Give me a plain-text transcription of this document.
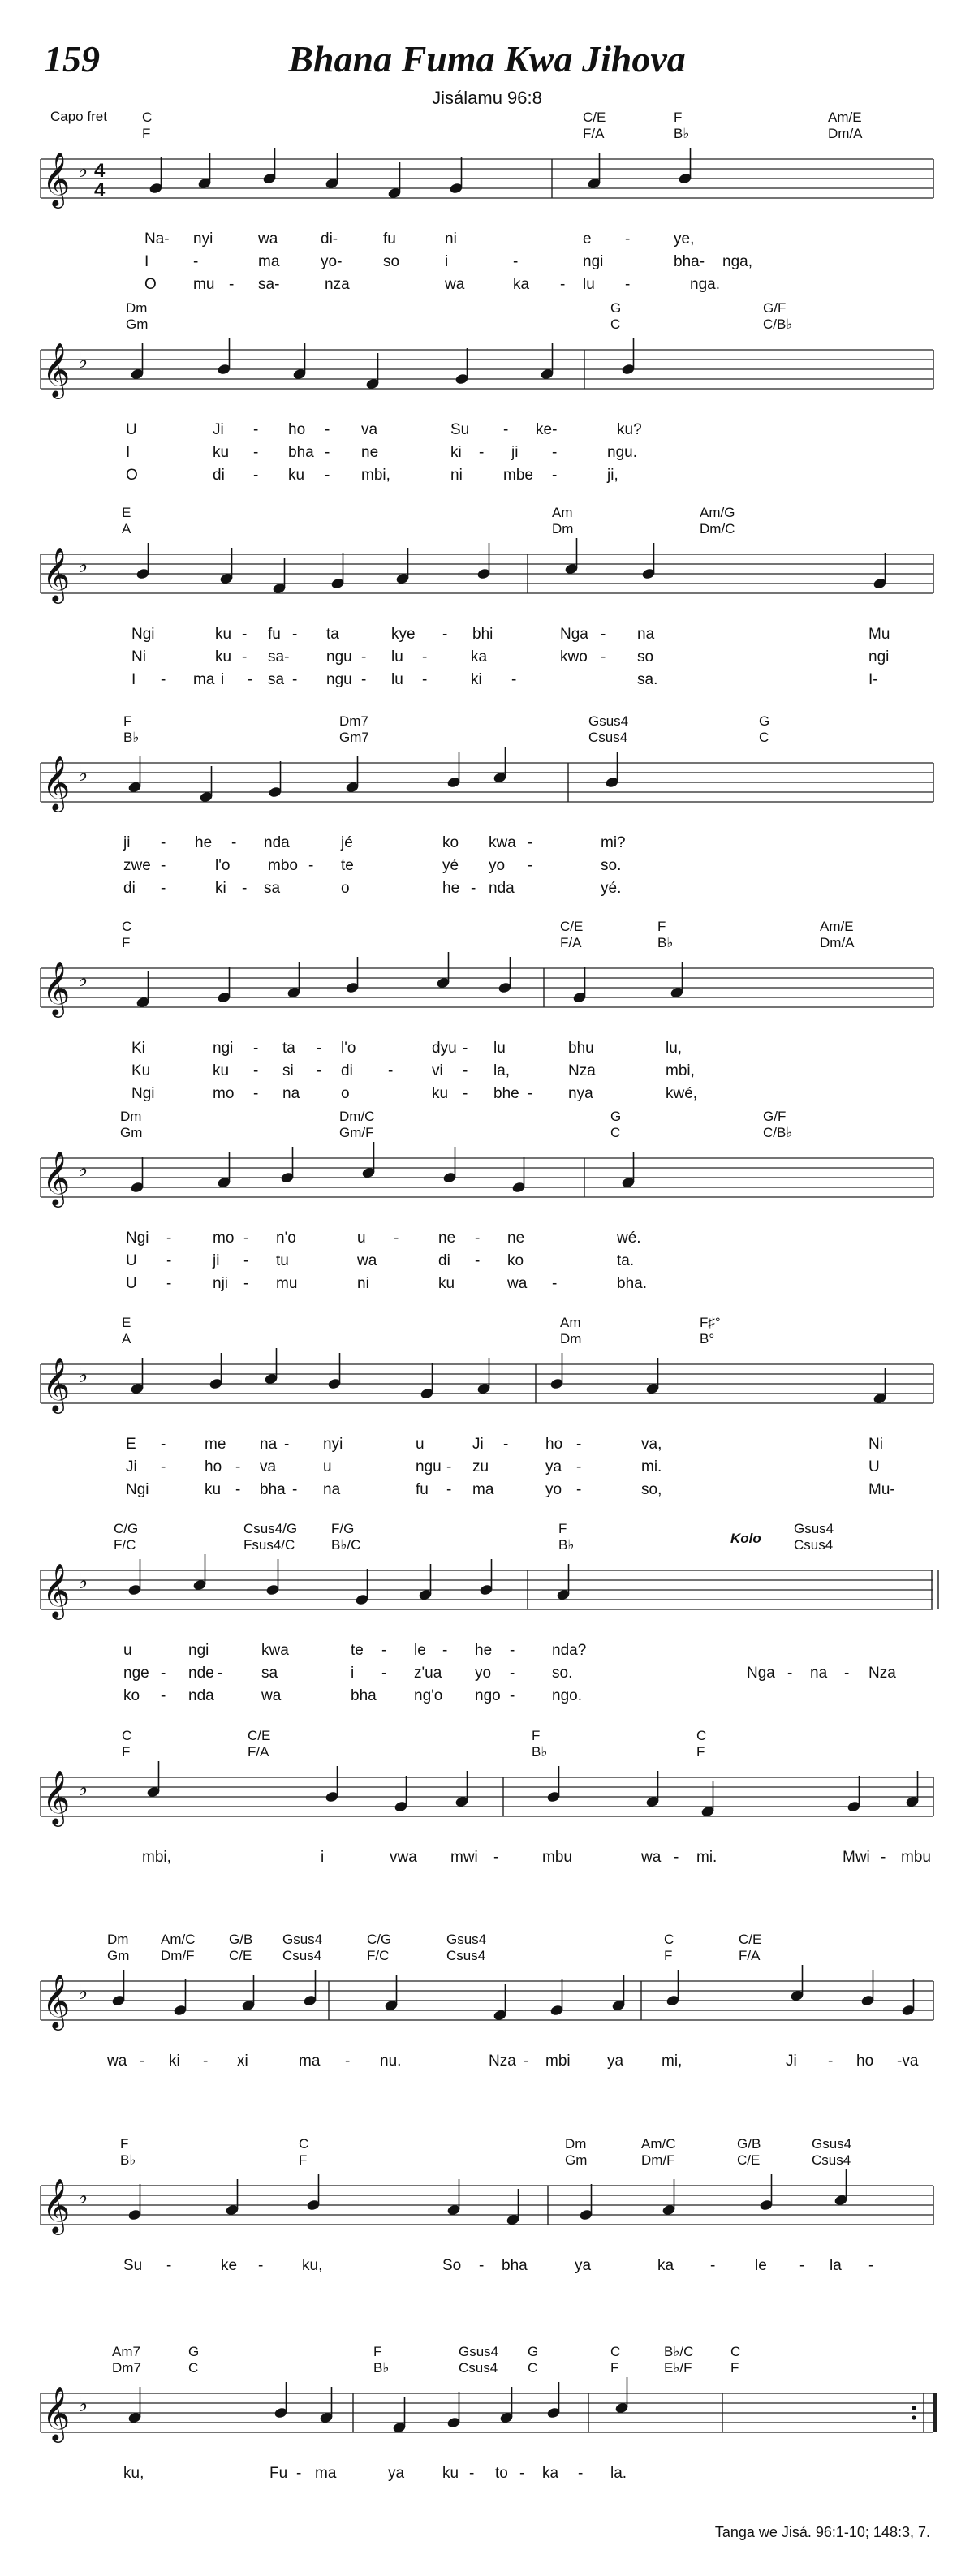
159	Bhana Fuma Kwa Jihova
Jisálamu 96:8
Capo fret	C	C/E	F	Am/E
F	F/A	B♭	Dm/A
𝄞 ♭ 4
4
Na- nyi	wa	di-	fu	ni	e -	ye,
I	-	ma	yo-	so	i	-	ngi	bha- nga,
O mu - sa-	nza	wa	ka - lu -	nga.
Dm	G	G/F
Gm	C	C/B♭
𝄞 ♭
U	Ji - ho - va	Su - ke-	ku?
I	ku - bha - ne	ki - ji -	ngu.
O	di - ku - mbi,	ni	mbe -	ji,
E	Am	Am/G
A	Dm	Dm/C
𝄞 ♭
Ngi	ku - fu - ta	kye - bhi	Nga - na	Mu
Ni	ku - sa- ngu - lu -	ka	kwo - so	ngi
I - ma i - sa - ngu - lu -	ki -	sa.	I-
F	Dm7	Gsus4	G
B♭	Gm7	Csus4	C
𝄞 ♭
ji - he - nda	jé	ko kwa -	mi?
zwe -	l'o mbo - te	yé yo -	so.
di -	ki - sa	o	he - nda	yé.
C	C/E	F	Am/E
F	F/A	B♭	Dm/A
𝄞 ♭
Ki	ngi - ta - l'o	dyu - lu	bhu	lu,
Ku	ku - si - di -	vi - la,	Nza	mbi,
Ngi	mo - na	o	ku - bhe - nya	kwé,
Dm	Dm/C	G	G/F
Gm	Gm/F	C	C/B♭
𝄞 ♭
Ngi -	mo - n'o	u -	ne - ne	wé.
U -	ji - tu	wa	di - ko	ta.
U -	nji - mu	ni	ku	wa -	bha.
E	Am	F♯°
A	Dm	B°
𝄞 ♭
E -	me na - nyi	u	Ji - ho -	va,	Ni
Ji -	ho - va	u	ngu - zu	ya -	mi.	U
Ngi	ku - bha - na	fu - ma	yo -	so,	Mu-
C/G	Csus4/G F/G	F	Gsus4
F/C	Fsus4/C	B♭/C	B♭	Csus4
𝄞 ♭
u	ngi	kwa	te - le - he - nda?
nge - nde -	sa	i - z'ua yo - so.	Nga - na - Nza
ko - nda	wa	bha ng'o ngo - ngo.
Kolo
C	C/E	F	C
F	F/A	B♭	F
𝄞 ♭
mbi,	i	vwa mwi -	mbu	wa - mi.	Mwi - mbu
Dm Am/C G/B Gsus4	C/G	Gsus4	C	C/E
Gm Dm/F C/E Csus4	F/C	Csus4	F	F/A
𝄞 ♭
wa - ki - xi	ma - nu.	Nza - mbi ya mi,	Ji - ho -va
F	C	Dm	Am/C	G/B	Gsus4
B♭	F	Gm	Dm/F	C/E	Csus4
𝄞 ♭
Su -	ke -	ku,	So - bha	ya	ka -	le - la -
Am7	G	F	Gsus4 G	C	B♭/C	C
Dm7	C	B♭	Csus4 C	F	E♭/F	F
𝄞 ♭
ku,	Fu - ma	ya ku - to - ka - la.
Tanga we Jisá. 96:1-10; 148:3, 7.
